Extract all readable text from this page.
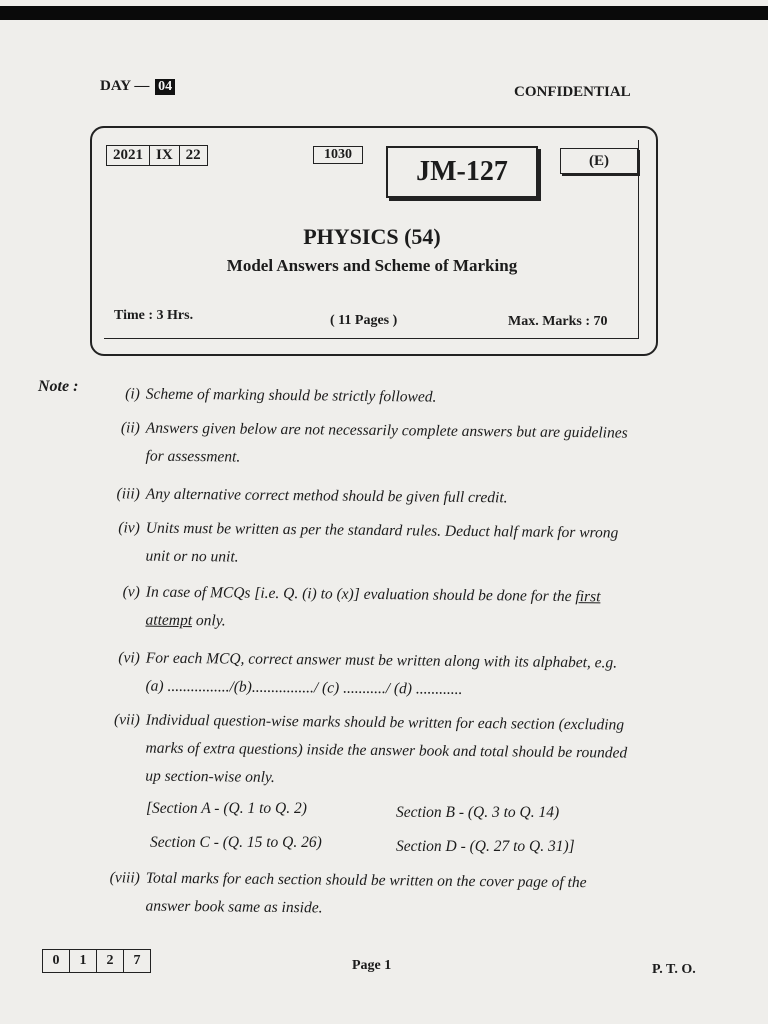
DAY — 04	CONFIDENTIAL
2021 IX 22	1030
JM-127	(E)
PHYSICS (54)
Model Answers and Scheme of Marking
Time : 3 Hrs.	( 11 Pages )	Max. Marks : 70
Note :	(i) Scheme of marking should be strictly followed.
(ii) Answers given below are not necessarily complete answers but are guidelines for assessment.
(iii) Any alternative correct method should be given full credit.
(iv) Units must be written as per the standard rules. Deduct half mark for wrong unit or no unit.
(v) In case of MCQs [i.e. Q. (i) to (x)] evaluation should be done for the first attempt only.
(vi) For each MCQ, correct answer must be written along with its alphabet, e.g. (a) ................/(b)................/ (c) .........../ (d) ............
(vii) Individual question-wise marks should be written for each section (excluding marks of extra questions) inside the answer book and total should be rounded up section-wise only.
[Section A - (Q. 1 to Q. 2)	Section B - (Q. 3 to Q. 14)
Section C - (Q. 15 to Q. 26)	Section D - (Q. 27 to Q. 31)]
(viii) Total marks for each section should be written on the cover page of the answer book same as inside.
0	1	2	7	Page 1	P. T. O.
